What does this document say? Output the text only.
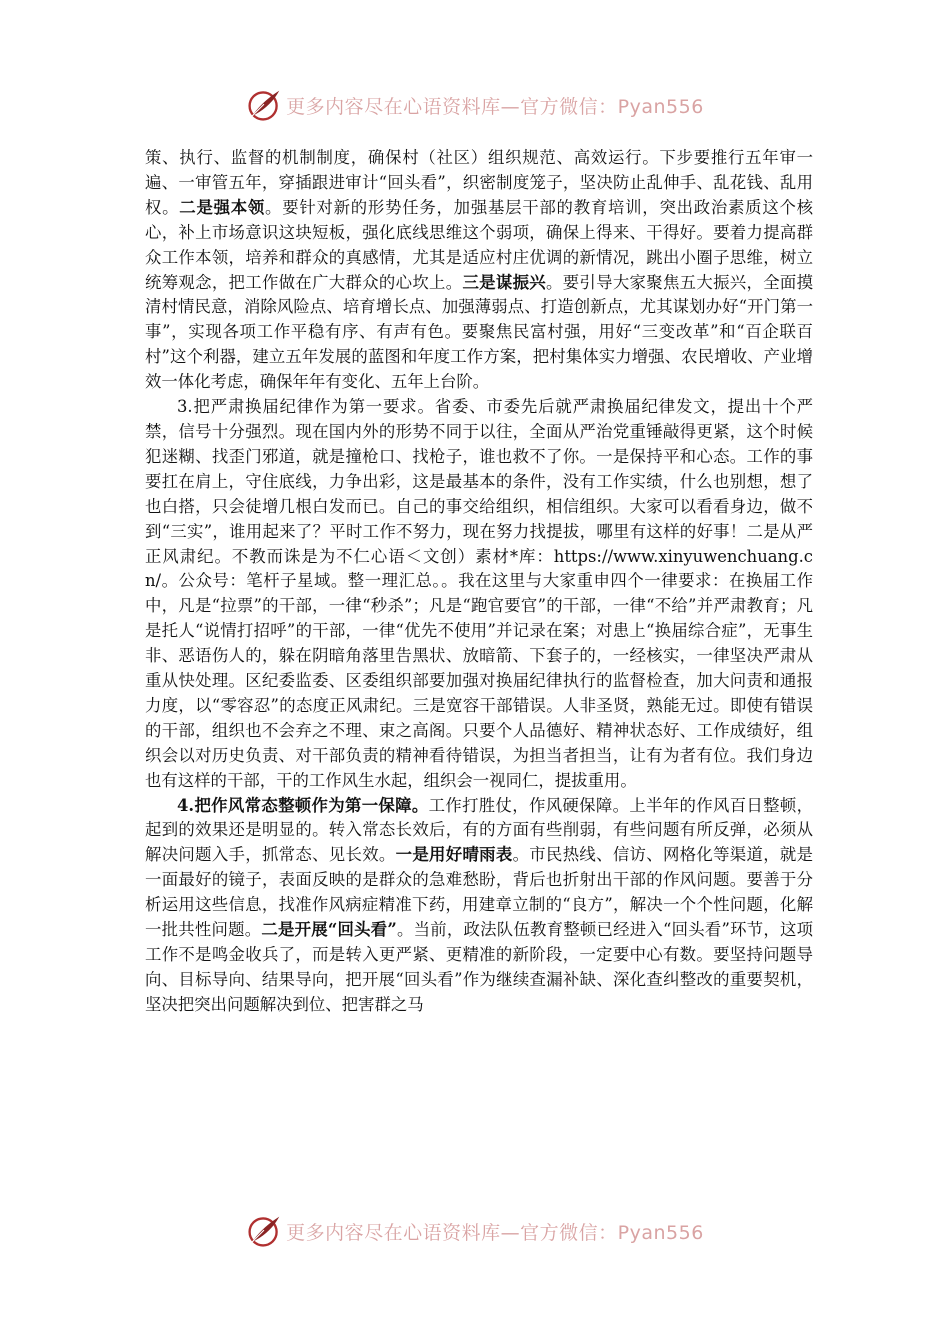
更多内容尽在心语资料库—官方微信：Pyan556

策、执行、监督的机制制度，确保村（社区）组织规范、高效运行。下步要推行五年审一遍、一审管五年，穿插跟进审计“回头看”，织密制度笼子，坚决防止乱伸手、乱花钱、乱用权。二是强本领。要针对新的形势任务，加强基层干部的教育培训，突出政治素质这个核心，补上市场意识这块短板，强化底线思维这个弱项，确保上得来、干得好。要着力提高群众工作本领，培养和群众的真感情，尤其是适应村庄优调的新情况，跳出小圈子思维，树立统筹观念，把工作做在广大群众的心坎上。三是谋振兴。要引导大家聚焦五大振兴，全面摸清村情民意，消除风险点、培育增长点、加强薄弱点、打造创新点，尤其谋划办好“开门第一事”，实现各项工作平稳有序、有声有色。要聚焦民富村强，用好“三变改革”和“百企联百村”这个利器，建立五年发展的蓝图和年度工作方案，把村集体实力增强、农民增收、产业增效一体化考虑，确保年年有变化、五年上台阶。

3.把严肃换届纪律作为第一要求。省委、市委先后就严肃换届纪律发文，提出十个严禁，信号十分强烈。现在国内外的形势不同于以往，全面从严治党重锤敲得更紧，这个时候犯迷糊、找歪门邪道，就是撞枪口、找枪子，谁也救不了你。一是保持平和心态。工作的事要扛在肩上，守住底线，力争出彩，这是最基本的条件，没有工作实绩，什么也别想，想了也白搭，只会徒增几根白发而已。自己的事交给组织，相信组织。大家可以看看身边，做不到“三实”，谁用起来了？平时工作不努力，现在努力找提拔，哪里有这样的好事！二是从严正风肃纪。不教而诛是为不仁心语＜文创）素材*库：https://www.xinyuwenchuang.cn/。公众号：笔杆子星域。整一理汇总。。我在这里与大家重申四个一律要求：在换届工作中，凡是“拉票”的干部，一律“秒杀”；凡是“跑官要官”的干部，一律“不给”并严肃教育；凡是托人“说情打招呼”的干部，一律“优先不使用”并记录在案；对患上“换届综合症”，无事生非、恶语伤人的，躲在阴暗角落里告黑状、放暗箭、下套子的，一经核实，一律坚决严肃从重从快处理。区纪委监委、区委组织部要加强对换届纪律执行的监督检查，加大问责和通报力度，以“零容忍”的态度正风肃纪。三是宽容干部错误。人非圣贤，熟能无过。即使有错误的干部，组织也不会弃之不理、束之高阁。只要个人品德好、精神状态好、工作成绩好，组织会以对历史负责、对干部负责的精神看待错误，为担当者担当，让有为者有位。我们身边也有这样的干部，干的工作风生水起，组织会一视同仁，提拔重用。

4.把作风常态整顿作为第一保障。工作打胜仗，作风硬保障。上半年的作风百日整顿，起到的效果还是明显的。转入常态长效后，有的方面有些削弱，有些问题有所反弹，必须从解决问题入手，抓常态、见长效。一是用好晴雨表。市民热线、信访、网格化等渠道，就是一面最好的镜子，表面反映的是群众的急难愁盼，背后也折射出干部的作风问题。要善于分析运用这些信息，找准作风病症精准下药，用建章立制的“良方”，解决一个个性问题，化解一批共性问题。二是开展“回头看”。当前，政法队伍教育整顿已经进入“回头看”环节，这项工作不是鸣金收兵了，而是转入更严紧、更精准的新阶段，一定要中心有数。要坚持问题导向、目标导向、结果导向，把开展“回头看”作为继续查漏补缺、深化查纠整改的重要契机，坚决把突出问题解决到位、把害群之马

更多内容尽在心语资料库—官方微信：Pyan556
